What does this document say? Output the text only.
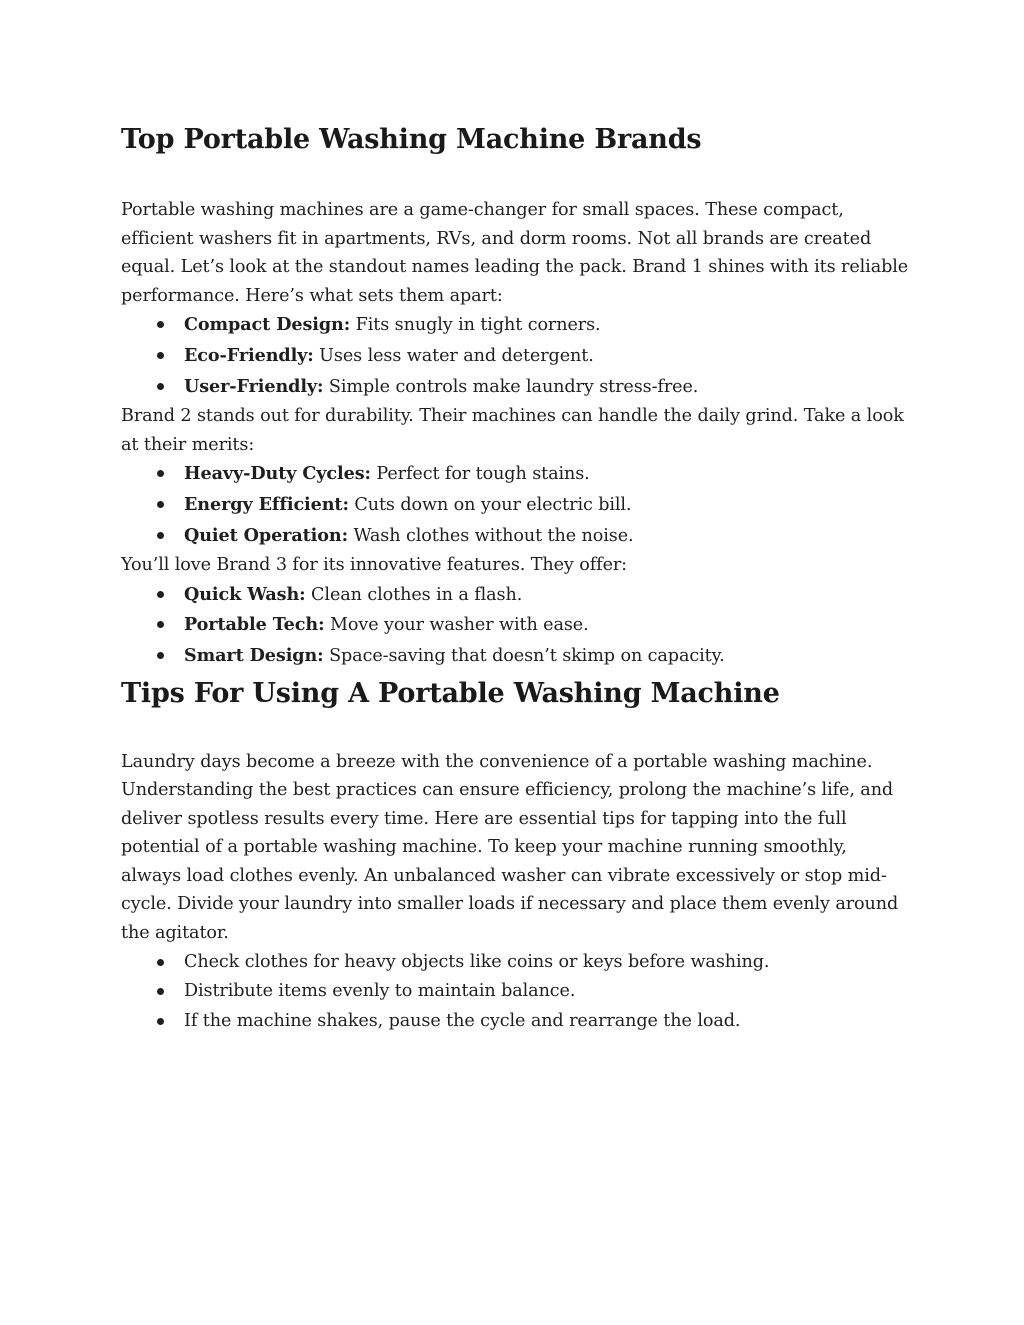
Top Portable Washing Machine Brands

Portable washing machines are a game-changer for small spaces. These compact, efficient washers fit in apartments, RVs, and dorm rooms. Not all brands are created equal. Let’s look at the standout names leading the pack. Brand 1 shines with its reliable performance. Here’s what sets them apart:

Compact Design: Fits snugly in tight corners.
Eco-Friendly: Uses less water and detergent.
User-Friendly: Simple controls make laundry stress-free.

Brand 2 stands out for durability. Their machines can handle the daily grind. Take a look at their merits:

Heavy-Duty Cycles: Perfect for tough stains.
Energy Efficient: Cuts down on your electric bill.
Quiet Operation: Wash clothes without the noise.

You’ll love Brand 3 for its innovative features. They offer:

Quick Wash: Clean clothes in a flash.
Portable Tech: Move your washer with ease.
Smart Design: Space-saving that doesn’t skimp on capacity.
Tips For Using A Portable Washing Machine

Laundry days become a breeze with the convenience of a portable washing machine. Understanding the best practices can ensure efficiency, prolong the machine’s life, and deliver spotless results every time. Here are essential tips for tapping into the full potential of a portable washing machine. To keep your machine running smoothly, always load clothes evenly. An unbalanced washer can vibrate excessively or stop mid-cycle. Divide your laundry into smaller loads if necessary and place them evenly around the agitator.

Check clothes for heavy objects like coins or keys before washing.
Distribute items evenly to maintain balance.
If the machine shakes, pause the cycle and rearrange the load.
